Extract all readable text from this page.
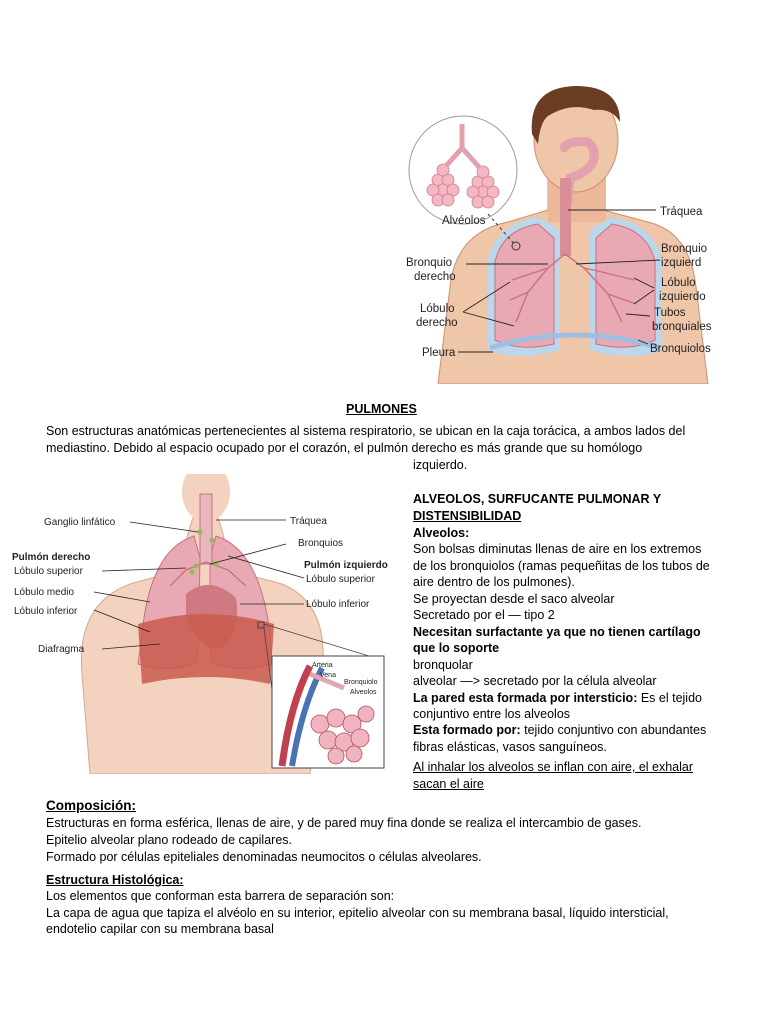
Alvéolos
Tráquea
Bronquio
izquierd
Bronquio
derecho	Lóbulo
izquierdo
Lóbulo
derecho
Tubos
bronquiales
Bronquiolos
Pleura
PULMONES
Son estructuras anatómicas pertenecientes al sistema respiratorio, se ubican en la caja torácica, a ambos lados del
mediastino. Debido al espacio ocupado por el corazón, el pulmón derecho es más grande que su homólogo
izquierdo.
Ganglio linfático	Tráquea
Bronquios
Pulmón derecho
Lóbulo superior
Lóbulo medio
Lóbulo inferior
Diafragma
Pulmón izquierdo
Lóbulo superior
Lóbulo inferior
Arteria
Vena
Bronquiolo
Alveolos
ALVEOLOS, SURFUCANTE PULMONAR Y
DISTENSIBILIDAD
Alveolos:
Son bolsas diminutas llenas de aire en los extremos
de los bronquiolos (ramas pequeñitas de los tubos de
aire dentro de los pulmones).
Se proyectan desde el saco alveolar
Secretado por el — tipo 2
Necesitan surfactante ya que no tienen cartílago
que lo soporte
bronquolar
alveolar —> secretado por la célula alveolar
La pared esta formada por intersticio: Es el tejido
conjuntivo entre los alveolos
Esta formado por: tejido conjuntivo con abundantes
fibras elásticas, vasos sanguíneos.
Al inhalar los alveolos se inflan con aire, el exhalar
sacan el aire
Composición:
Estructuras en forma esférica, llenas de aire, y de pared muy fina donde se realiza el intercambio de gases.
Epitelio alveolar plano rodeado de capilares.
Formado por células epiteliales denominadas neumocitos o células alveolares.
Estructura Histológica:
Los elementos que conforman esta barrera de separación son:
La capa de agua que tapiza el alvéolo en su interior, epitelio alveolar con su membrana basal, líquido intersticial,
endotelio capilar con su membrana basal
